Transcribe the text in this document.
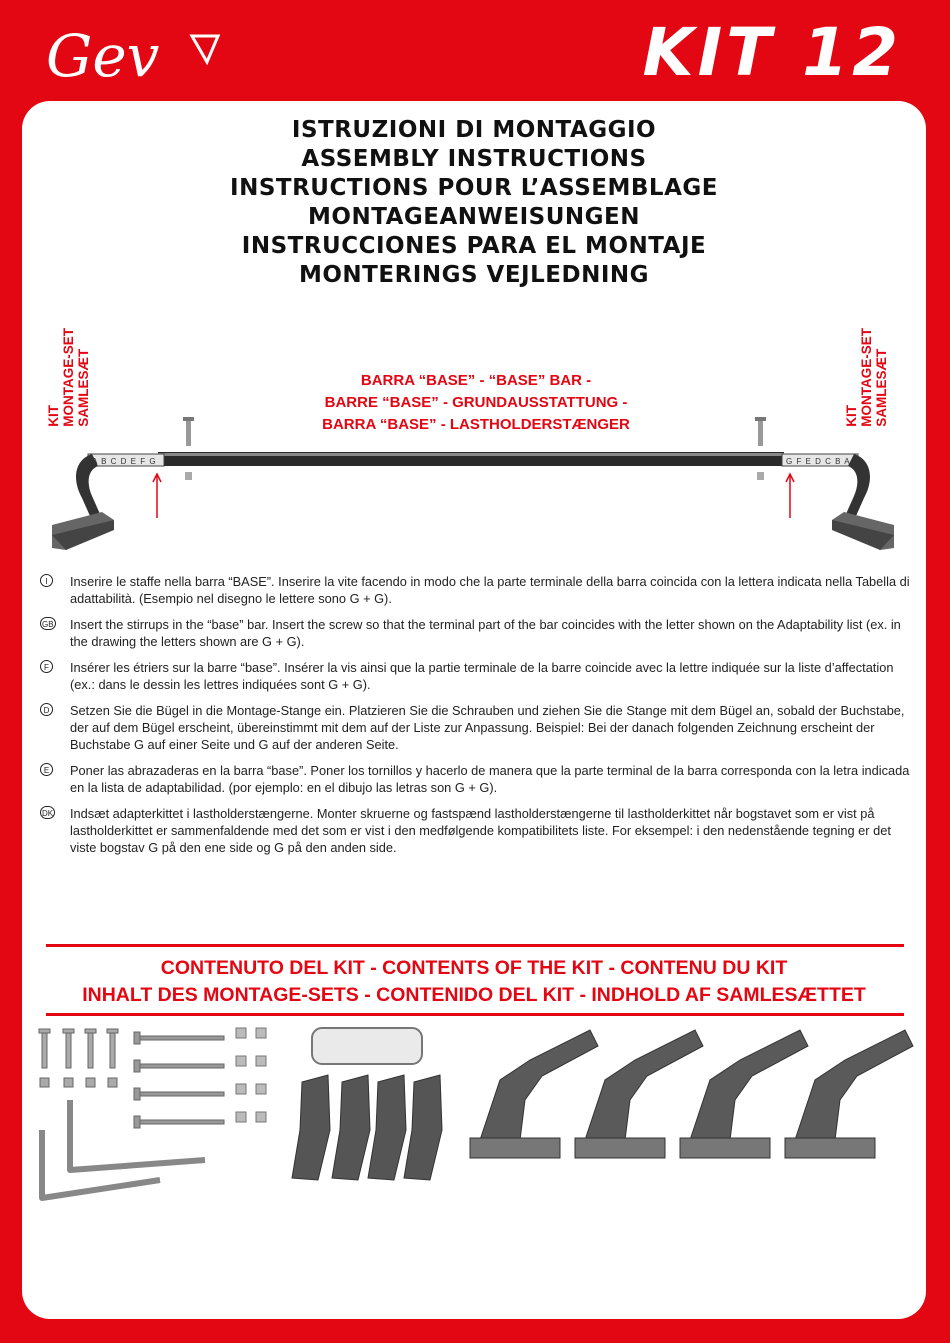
Gev	KIT 12
ISTRUZIONI DI MONTAGGIO
ASSEMBLY INSTRUCTIONS
INSTRUCTIONS POUR L’ASSEMBLAGE
MONTAGEANWEISUNGEN
INSTRUCCIONES PARA EL MONTAJE
MONTERINGS VEJLEDNING
KIT MONTAGE-SET SAMLESÆT	KIT MONTAGE-SET SAMLESÆT
BARRA “BASE” - “BASE” BAR -
BARRE “BASE” - GRUNDAUSSTATTUNG -
BARRA “BASE” - LASTHOLDERSTÆNGER
A B C D E F G	G F E D C B A
I	Inserire le staffe nella barra “BASE”. Inserire la vite facendo in modo che la parte terminale della barra coincida con la lettera indicata nella Tabella di adattabilità. (Esempio nel disegno le lettere sono G + G).

GB Insert the stirrups in the “base” bar. Insert the screw so that the terminal part of the bar coincides with the letter shown on the Adaptability list (ex. in the drawing the letters shown are G + G).

F	Insérer les étriers sur la barre “base”. Insérer la vis ainsi que la partie terminale de la barre coincide avec la lettre indiquée sur la liste d’affectation (ex.: dans le dessin les lettres indiquées sont G + G).

D Setzen Sie die Bügel in die Montage-Stange ein. Platzieren Sie die Schrauben und ziehen Sie die Stange mit dem Bügel an, sobald der Buchstabe, der auf dem Bügel erscheint, übereinstimmt mit dem auf der Liste zur Anpassung. Beispiel: Bei der danach folgenden Zeichnung erscheint der Buchstabe G auf einer Seite und G auf der anderen Seite.

E Poner las abrazaderas en la barra “base”. Poner los tornillos y hacerlo de manera que la parte terminal de la barra corresponda con la letra indicada en la lista de adaptabilidad. (por ejemplo: en el dibujo las letras son G + G).

DK Indsæt adapterkittet i lastholderstængerne. Monter skruerne og fastspænd lastholderstængerne til lastholderkittet når bogstavet som er vist på lastholderkittet er sammenfaldende med det som er vist i den medfølgende kompatibilitets liste. For eksempel: i den nedenstående tegning er det viste bogstav G på den ene side og G på den anden side.

CONTENUTO DEL KIT - CONTENTS OF THE KIT - CONTENU DU KIT
INHALT DES MONTAGE-SETS - CONTENIDO DEL KIT - INDHOLD AF SAMLESÆTTET
